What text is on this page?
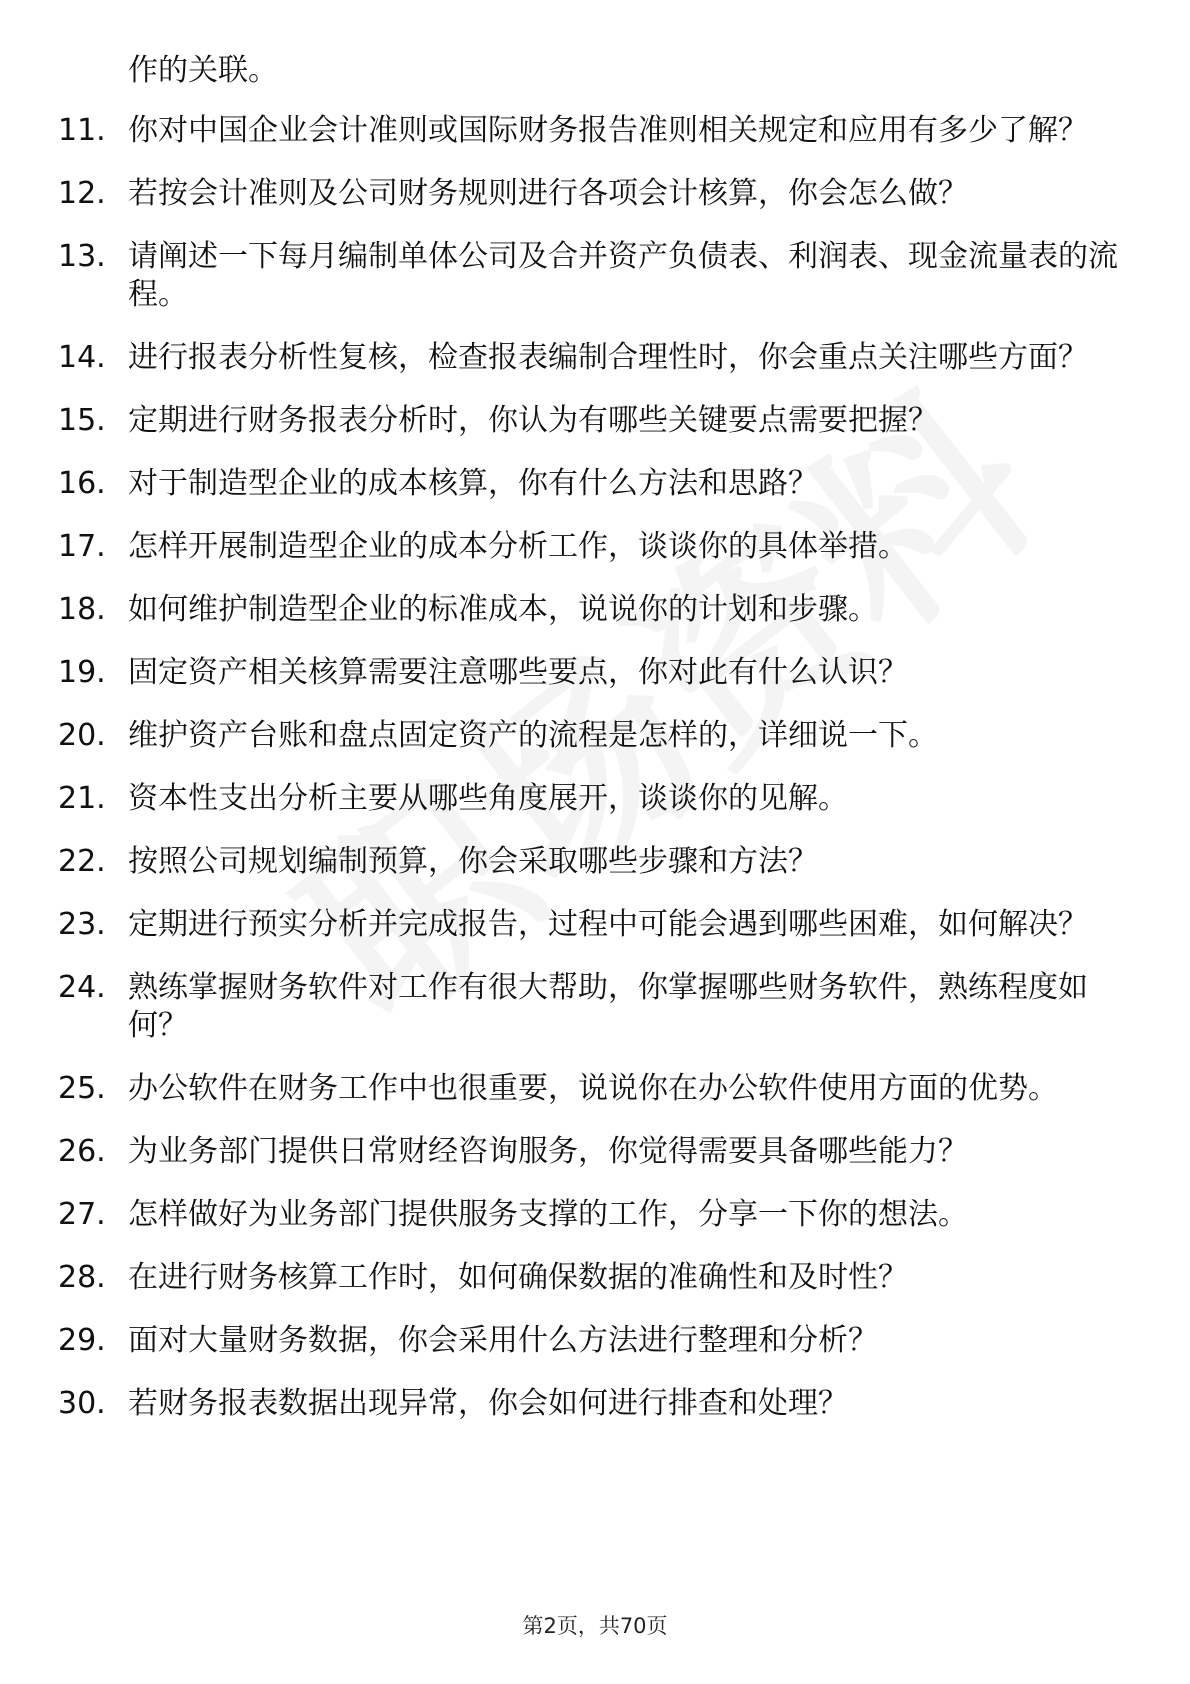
作的关联。
11. 你对中国企业会计准则或国际财务报告准则相关规定和应用有多少了解？
12. 若按会计准则及公司财务规则进行各项会计核算，你会怎么做？
13. 请阐述一下每月编制单体公司及合并资产负债表、利润表、现金流量表的流程。
14. 进行报表分析性复核，检查报表编制合理性时，你会重点关注哪些方面？
15. 定期进行财务报表分析时，你认为有哪些关键要点需要把握？
16. 对于制造型企业的成本核算，你有什么方法和思路？
17. 怎样开展制造型企业的成本分析工作，谈谈你的具体举措。
18. 如何维护制造型企业的标准成本，说说你的计划和步骤。
19. 固定资产相关核算需要注意哪些要点，你对此有什么认识？
20. 维护资产台账和盘点固定资产的流程是怎样的，详细说一下。
21. 资本性支出分析主要从哪些角度展开，谈谈你的见解。
22. 按照公司规划编制预算，你会采取哪些步骤和方法？
23. 定期进行预实分析并完成报告，过程中可能会遇到哪些困难，如何解决？
24. 熟练掌握财务软件对工作有很大帮助，你掌握哪些财务软件，熟练程度如何？
25. 办公软件在财务工作中也很重要，说说你在办公软件使用方面的优势。
26. 为业务部门提供日常财经咨询服务，你觉得需要具备哪些能力？
27. 怎样做好为业务部门提供服务支撑的工作，分享一下你的想法。
28. 在进行财务核算工作时，如何确保数据的准确性和及时性？
29. 面对大量财务数据，你会采用什么方法进行整理和分析？
30. 若财务报表数据出现异常，你会如何进行排查和处理？
第2页，共70页
